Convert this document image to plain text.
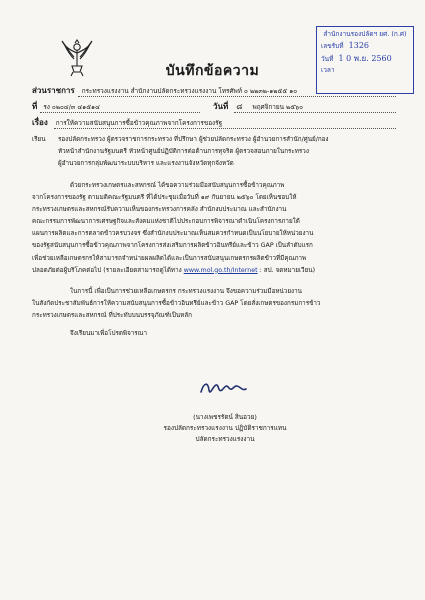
สำนักงานรองปลัดฯ ยศ. (ก.ศ)
เลขรับที่ 1326
วันที่ 1 0 พ.ย. 2560
เวลา
บันทึกข้อความ
ส่วนราชการ กระทรวงแรงงาน สำนักงานปลัดกระทรวงแรงงาน โทรศัพท์ ๐ ๒๒๓๒-๑๒๕๕ ๑๐
ที่ รง ๐๒๐๔/๓ ๔๑๕๑๔	วันที่ ๘ พฤศจิกายน ๒๕๖๐
เรื่อง การให้ความสนับสนุนการซื้อข้าวคุณภาพจากโครงการของรัฐ
เรียน รองปลัดกระทรวง ผู้ตรวจราชการกระทรวง ที่ปรึกษา ผู้ช่วยปลัดกระทรวง ผู้อำนวยการสำนัก/ศูนย์/กอง
หัวหน้าสำนักงานรัฐมนตรี หัวหน้าศูนย์ปฏิบัติการต่อต้านการทุจริต ผู้ตรวจสอบภายในกระทรวง
ผู้อำนวยการกลุ่มพัฒนาระบบบริหาร และแรงงานจังหวัดทุกจังหวัด
ด้วยกระทรวงเกษตรและสหกรณ์ ได้ขอความร่วมมือสนับสนุนการซื้อข้าวคุณภาพ
จากโครงการของรัฐ ตามมติคณะรัฐมนตรี ที่ได้ประชุมเมื่อวันที่ ๑๙ กันยายน ๒๕๖๐ โดยเห็นชอบให้
กระทรวงเกษตรและสหกรณ์รับความเห็นของกระทรวงการคลัง สำนักงบประมาณ และสำนักงาน
คณะกรรมการพัฒนาการเศรษฐกิจและสังคมแห่งชาติไปประกอบการพิจารณาดำเนินโครงการภายใต้
แผนการผลิตและการตลาดข้าวครบวงจร ซึ่งสำนักงบประมาณเห็นสมควรกำหนดเป็นนโยบายให้หน่วยงาน
ของรัฐสนับสนุนการซื้อข้าวคุณภาพจากโครงการส่งเสริมการผลิตข้าวอินทรีย์และข้าว GAP เป็นลำดับแรก
เพื่อช่วยเหลือเกษตรกรให้สามารถจำหน่ายผลผลิตได้และเป็นการสนับสนุนเกษตรกรผลิตข้าวที่มีคุณภาพ
ปลอดภัยต่อผู้บริโภคต่อไป (รายละเอียดสามารถดูได้ทาง www.mol.go.th/Internet : สป. จดหมายเวียน)
ในการนี้ เพื่อเป็นการช่วยเหลือเกษตรกร กระทรวงแรงงาน จึงขอความร่วมมือหน่วยงาน
ในสังกัดประชาสัมพันธ์การให้ความสนับสนุนการซื้อข้าวอินทรีย์และข้าว GAP โดยสั่งเกษตรของกรมการข้าว
กระทรวงเกษตรและสหกรณ์ ที่ประทับบนบรรจุภัณฑ์เป็นหลัก
จึงเรียนมาเพื่อโปรดพิจารณา
(นางเพชรรัตน์ สินอวย)
รองปลัดกระทรวงแรงงาน ปฏิบัติราชการแทน
ปลัดกระทรวงแรงงาน
